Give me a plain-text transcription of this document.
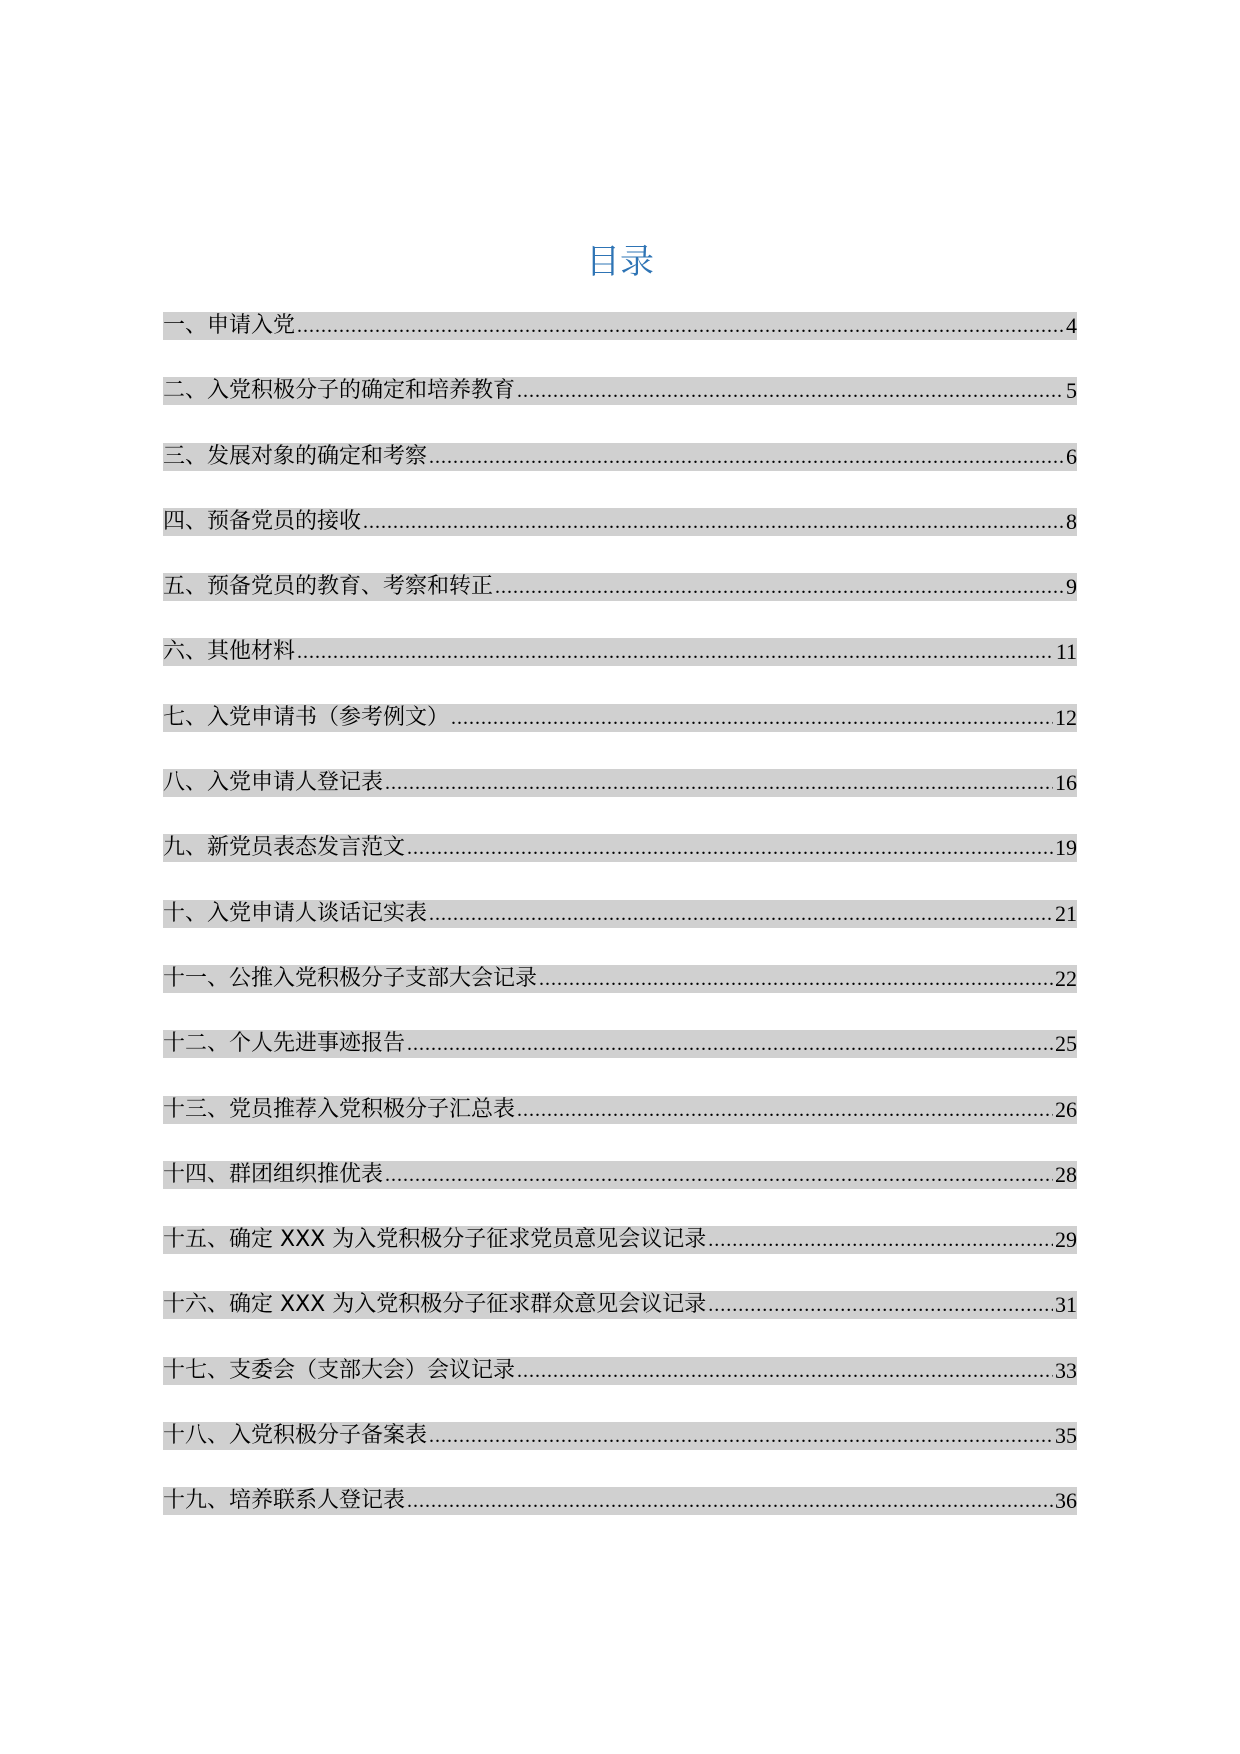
目录
一、申请入党 .....	4
二、入党积极分子的确定和培养教育 .....	5
三、发展对象的确定和考察 .....	6
四、预备党员的接收 .....	8
五、预备党员的教育、考察和转正 .....	9
六、其他材料 .....	11
七、入党申请书（参考例文） .....	12
八、入党申请人登记表 .....	16
九、新党员表态发言范文 .....	19
十、入党申请人谈话记实表 .....	21
十一、公推入党积极分子支部大会记录 .....	22
十二、个人先进事迹报告 .....	25
十三、党员推荐入党积极分子汇总表 .....	26
十四、群团组织推优表 .....	28
十五、确定 XXX 为入党积极分子征求党员意见会议记录 .....	29
十六、确定 XXX 为入党积极分子征求群众意见会议记录 .....	31
十七、支委会（支部大会）会议记录 .....	33
十八、入党积极分子备案表 .....	35
十九、培养联系人登记表 .....	36
